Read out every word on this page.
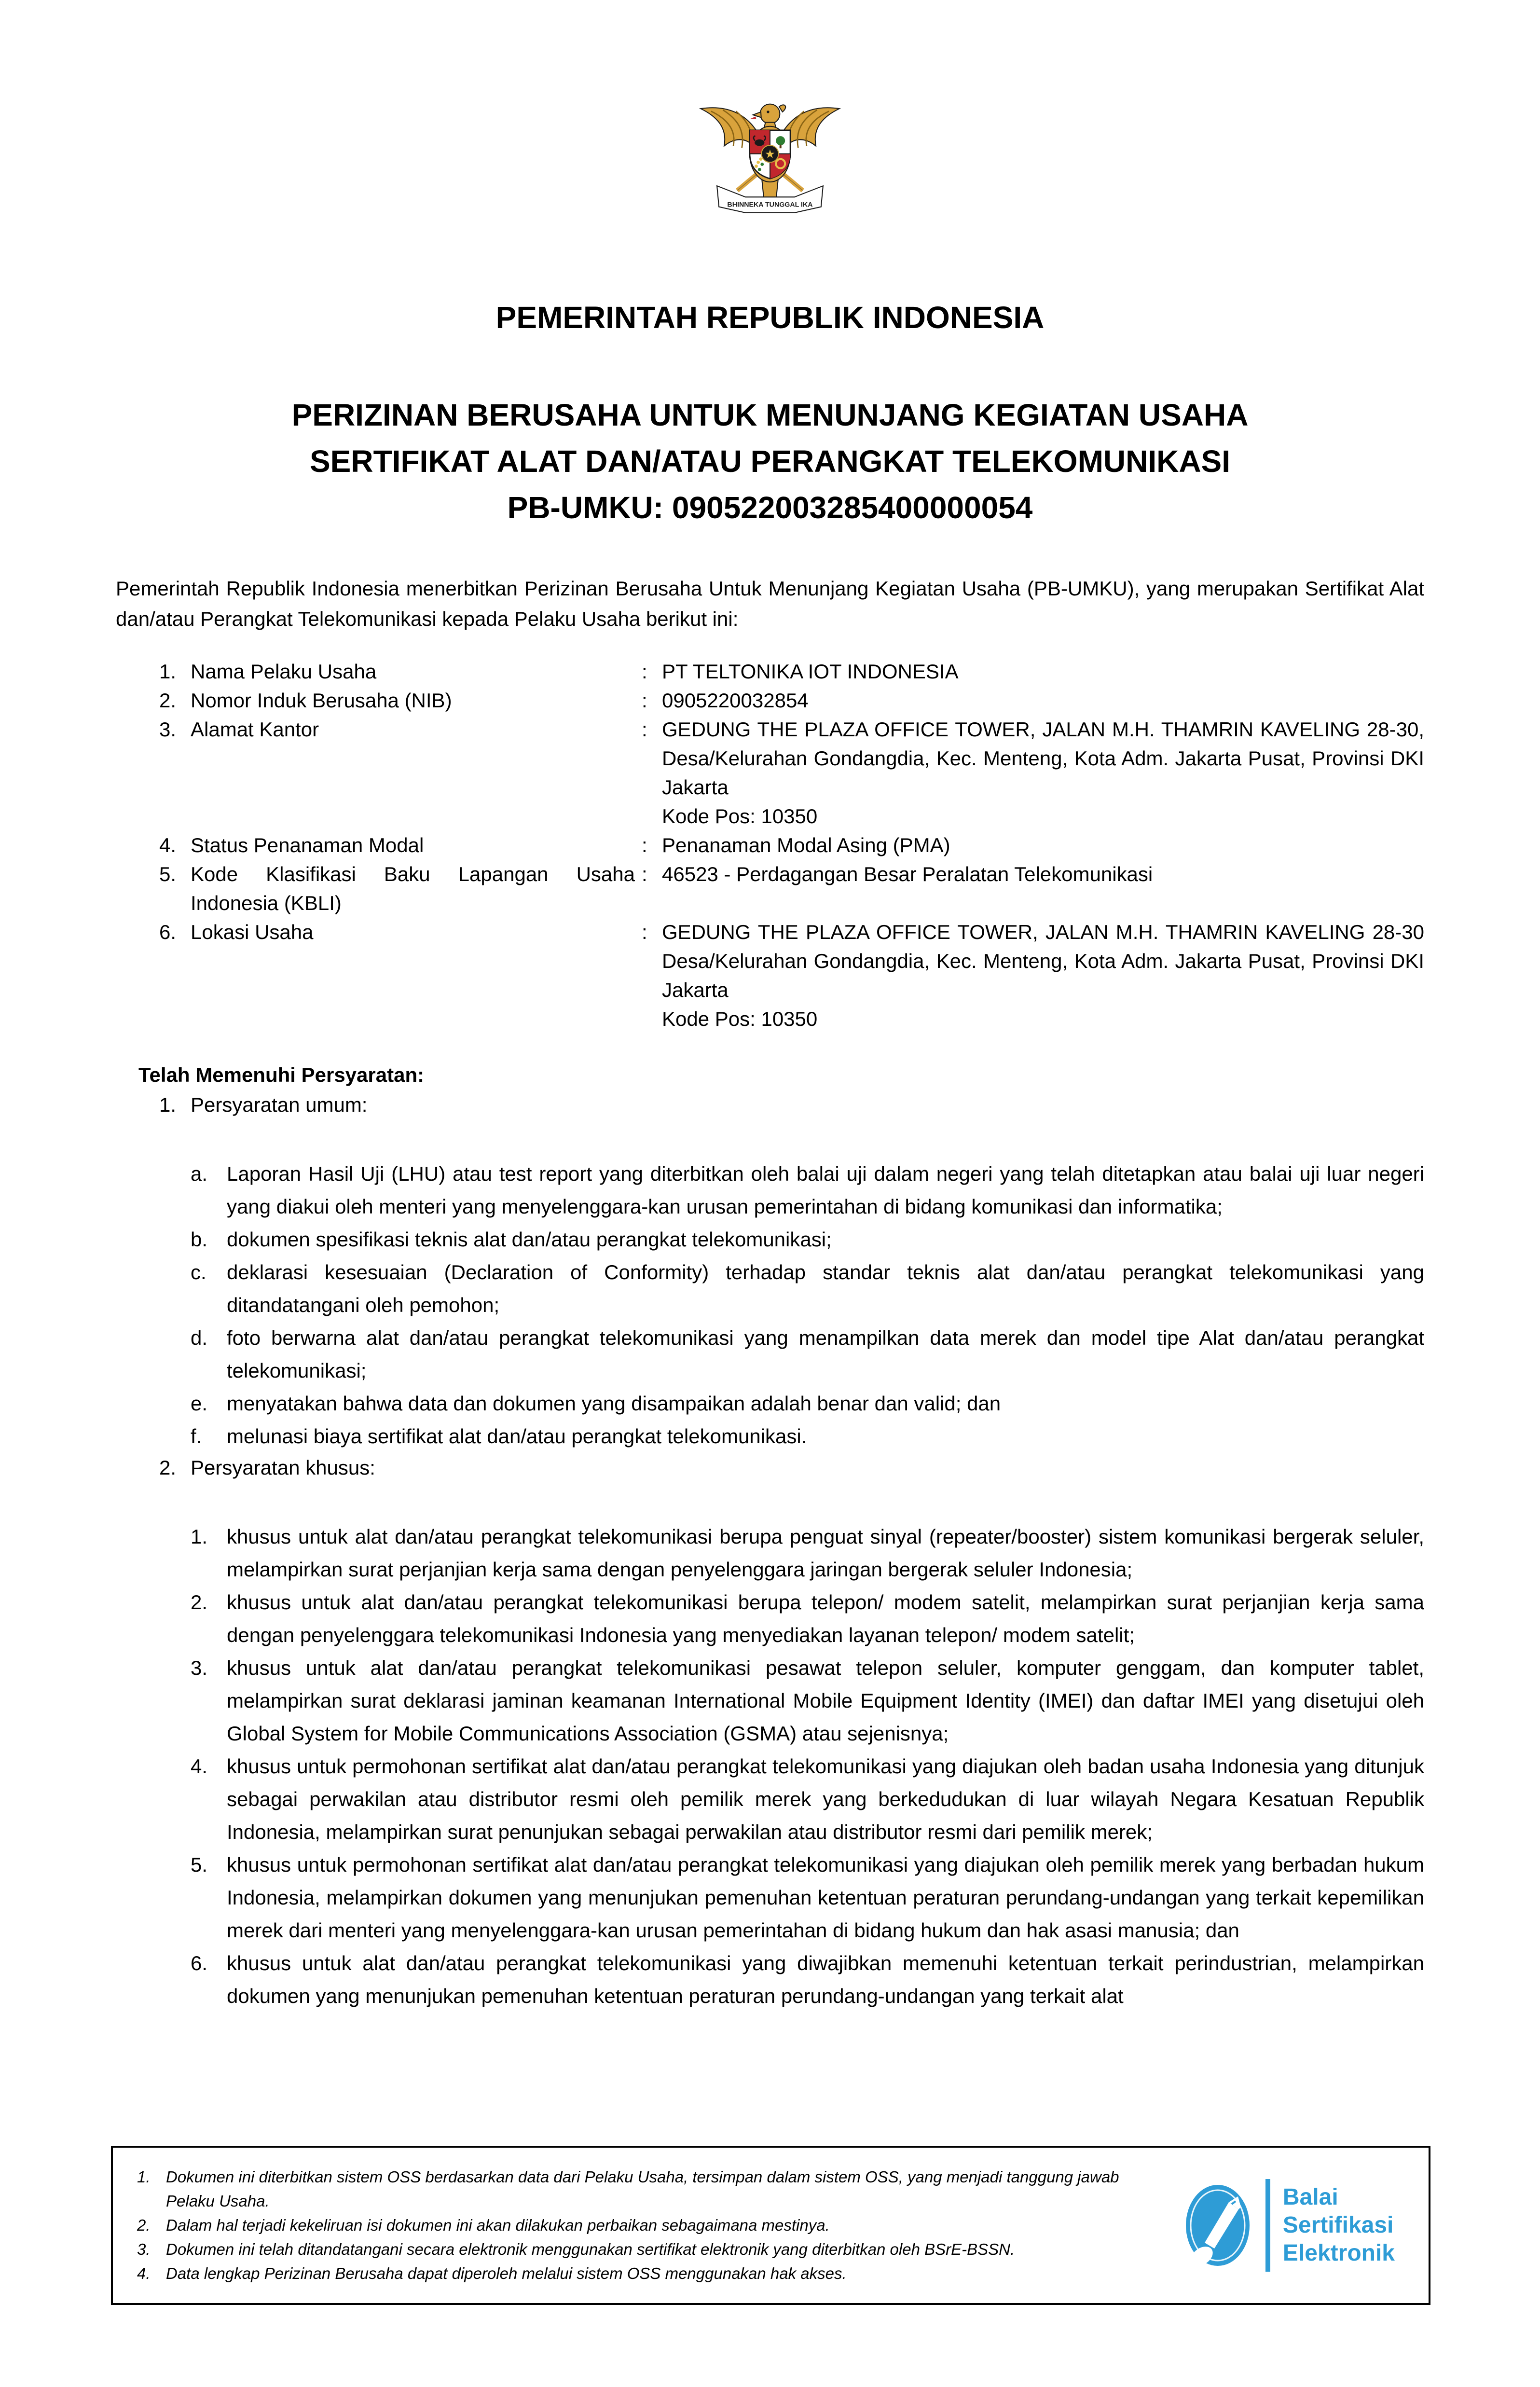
★
BHINNEKA TUNGGAL IKA
PEMERINTAH REPUBLIK INDONESIA
PERIZINAN BERUSAHA UNTUK MENUNJANG KEGIATAN USAHA
SERTIFIKAT ALAT DAN/ATAU PERANGKAT TELEKOMUNIKASI
PB-UMKU: 090522003285400000054
Pemerintah Republik Indonesia menerbitkan Perizinan Berusaha Untuk Menunjang Kegiatan Usaha (PB-UMKU), yang merupakan Sertifikat Alat dan/atau Perangkat Telekomunikasi kepada Pelaku Usaha berikut ini:
1. Nama Pelaku Usaha	: PT TELTONIKA IOT INDONESIA
2. Nomor Induk Berusaha (NIB)	: 0905220032854
3. Alamat Kantor	: GEDUNG THE PLAZA OFFICE TOWER, JALAN M.H. THAMRIN KAVELING 28-30, Desa/Kelurahan Gondangdia, Kec. Menteng, Kota Adm. Jakarta Pusat, Provinsi DKI Jakarta
Kode Pos: 10350
4. Status Penanaman Modal	: Penanaman Modal Asing (PMA)
5. Kode Klasifikasi Baku Lapangan Usaha Indonesia (KBLI)
: 46523 - Perdagangan Besar Peralatan Telekomunikasi
6. Lokasi Usaha	: GEDUNG THE PLAZA OFFICE TOWER, JALAN M.H. THAMRIN KAVELING 28-30 Desa/Kelurahan Gondangdia, Kec. Menteng, Kota Adm. Jakarta Pusat, Provinsi DKI Jakarta
Kode Pos: 10350
Telah Memenuhi Persyaratan:
1. Persyaratan umum:
a. Laporan Hasil Uji (LHU) atau test report yang diterbitkan oleh balai uji dalam negeri yang telah ditetapkan atau balai uji luar negeri yang diakui oleh menteri yang menyelenggara-kan urusan pemerintahan di bidang komunikasi dan informatika;
b. dokumen spesifikasi teknis alat dan/atau perangkat telekomunikasi;
c.	deklarasi kesesuaian (Declaration of Conformity) terhadap standar teknis alat dan/atau perangkat telekomunikasi yang ditandatangani oleh pemohon;
d. foto berwarna alat dan/atau perangkat telekomunikasi yang menampilkan data merek dan model tipe Alat dan/atau perangkat telekomunikasi;
e. menyatakan bahwa data dan dokumen yang disampaikan adalah benar dan valid; dan
f.	melunasi biaya sertifikat alat dan/atau perangkat telekomunikasi.
2. Persyaratan khusus:
1. khusus untuk alat dan/atau perangkat telekomunikasi berupa penguat sinyal (repeater/booster) sistem komunikasi bergerak seluler, melampirkan surat perjanjian kerja sama dengan penyelenggara jaringan bergerak seluler Indonesia;
2. khusus untuk alat dan/atau perangkat telekomunikasi berupa telepon/ modem satelit, melampirkan surat perjanjian kerja sama dengan penyelenggara telekomunikasi Indonesia yang menyediakan layanan telepon/ modem satelit;
3. khusus untuk alat dan/atau perangkat telekomunikasi pesawat telepon seluler, komputer genggam, dan komputer tablet, melampirkan surat deklarasi jaminan keamanan International Mobile Equipment Identity (IMEI) dan daftar IMEI yang disetujui oleh Global System for Mobile Communications Association (GSMA) atau sejenisnya;
4. khusus untuk permohonan sertifikat alat dan/atau perangkat telekomunikasi yang diajukan oleh badan usaha Indonesia yang ditunjuk sebagai perwakilan atau distributor resmi oleh pemilik merek yang berkedudukan di luar wilayah Negara Kesatuan Republik Indonesia, melampirkan surat penunjukan sebagai perwakilan atau distributor resmi dari pemilik merek;
5. khusus untuk permohonan sertifikat alat dan/atau perangkat telekomunikasi yang diajukan oleh pemilik merek yang berbadan hukum Indonesia, melampirkan dokumen yang menunjukan pemenuhan ketentuan peraturan perundang-undangan yang terkait kepemilikan merek dari menteri yang menyelenggara-kan urusan pemerintahan di bidang hukum dan hak asasi manusia; dan
6. khusus untuk alat dan/atau perangkat telekomunikasi yang diwajibkan memenuhi ketentuan terkait perindustrian, melampirkan dokumen yang menunjukan pemenuhan ketentuan peraturan perundang-undangan yang terkait alat
1. Dokumen ini diterbitkan sistem OSS berdasarkan data dari Pelaku Usaha, tersimpan dalam sistem OSS, yang menjadi tanggung jawab Pelaku Usaha.
2. Dalam hal terjadi kekeliruan isi dokumen ini akan dilakukan perbaikan sebagaimana mestinya.
3. Dokumen ini telah ditandatangani secara elektronik menggunakan sertifikat elektronik yang diterbitkan oleh BSrE-BSSN.
4. Data lengkap Perizinan Berusaha dapat diperoleh melalui sistem OSS menggunakan hak akses.
Balai
Sertifikasi
Elektronik
